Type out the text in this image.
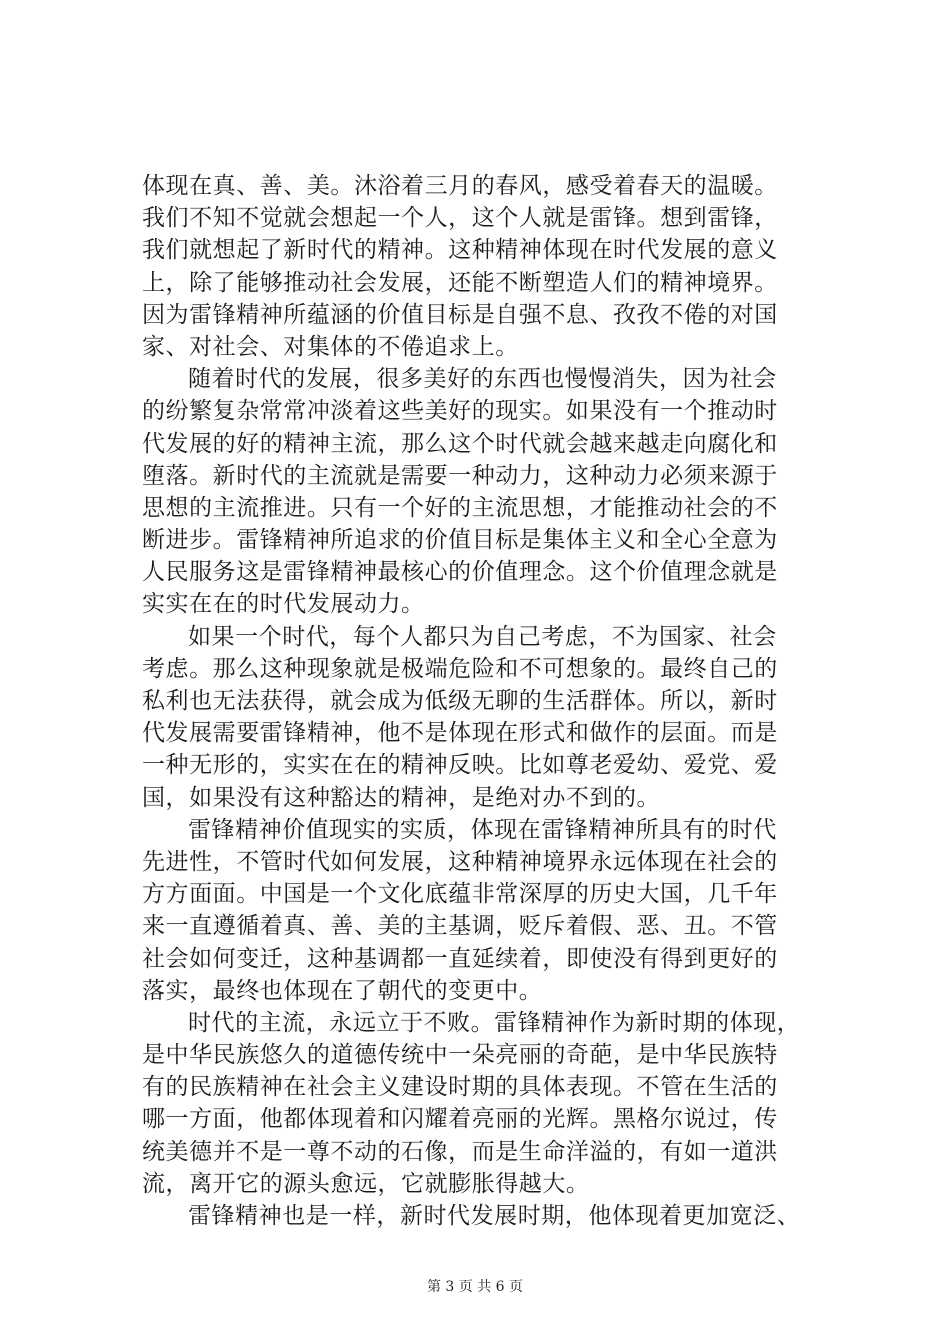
体现在真、善、美。沐浴着三月的春风，感受着春天的温暖。
我们不知不觉就会想起一个人，这个人就是雷锋。想到雷锋，
我们就想起了新时代的精神。这种精神体现在时代发展的意义
上，除了能够推动社会发展，还能不断塑造人们的精神境界。
因为雷锋精神所蕴涵的价值目标是自强不息、孜孜不倦的对国
家、对社会、对集体的不倦追求上。
随着时代的发展，很多美好的东西也慢慢消失，因为社会
的纷繁复杂常常冲淡着这些美好的现实。如果没有一个推动时
代发展的好的精神主流，那么这个时代就会越来越走向腐化和
堕落。新时代的主流就是需要一种动力，这种动力必须来源于
思想的主流推进。只有一个好的主流思想，才能推动社会的不
断进步。雷锋精神所追求的价值目标是集体主义和全心全意为
人民服务这是雷锋精神最核心的价值理念。这个价值理念就是
实实在在的时代发展动力。
如果一个时代，每个人都只为自己考虑，不为国家、社会
考虑。那么这种现象就是极端危险和不可想象的。最终自己的
私利也无法获得，就会成为低级无聊的生活群体。所以，新时
代发展需要雷锋精神，他不是体现在形式和做作的层面。而是
一种无形的，实实在在的精神反映。比如尊老爱幼、爱党、爱
国，如果没有这种豁达的精神，是绝对办不到的。
雷锋精神价值现实的实质，体现在雷锋精神所具有的时代
先进性，不管时代如何发展，这种精神境界永远体现在社会的
方方面面。中国是一个文化底蕴非常深厚的历史大国，几千年
来一直遵循着真、善、美的主基调，贬斥着假、恶、丑。不管
社会如何变迁，这种基调都一直延续着，即使没有得到更好的
落实，最终也体现在了朝代的变更中。
时代的主流，永远立于不败。雷锋精神作为新时期的体现，
是中华民族悠久的道德传统中一朵亮丽的奇葩，是中华民族特
有的民族精神在社会主义建设时期的具体表现。不管在生活的
哪一方面，他都体现着和闪耀着亮丽的光辉。黑格尔说过，传
统美德并不是一尊不动的石像，而是生命洋溢的，有如一道洪
流，离开它的源头愈远，它就膨胀得越大。
雷锋精神也是一样，新时代发展时期，他体现着更加宽泛、
第 3 页 共 6 页
